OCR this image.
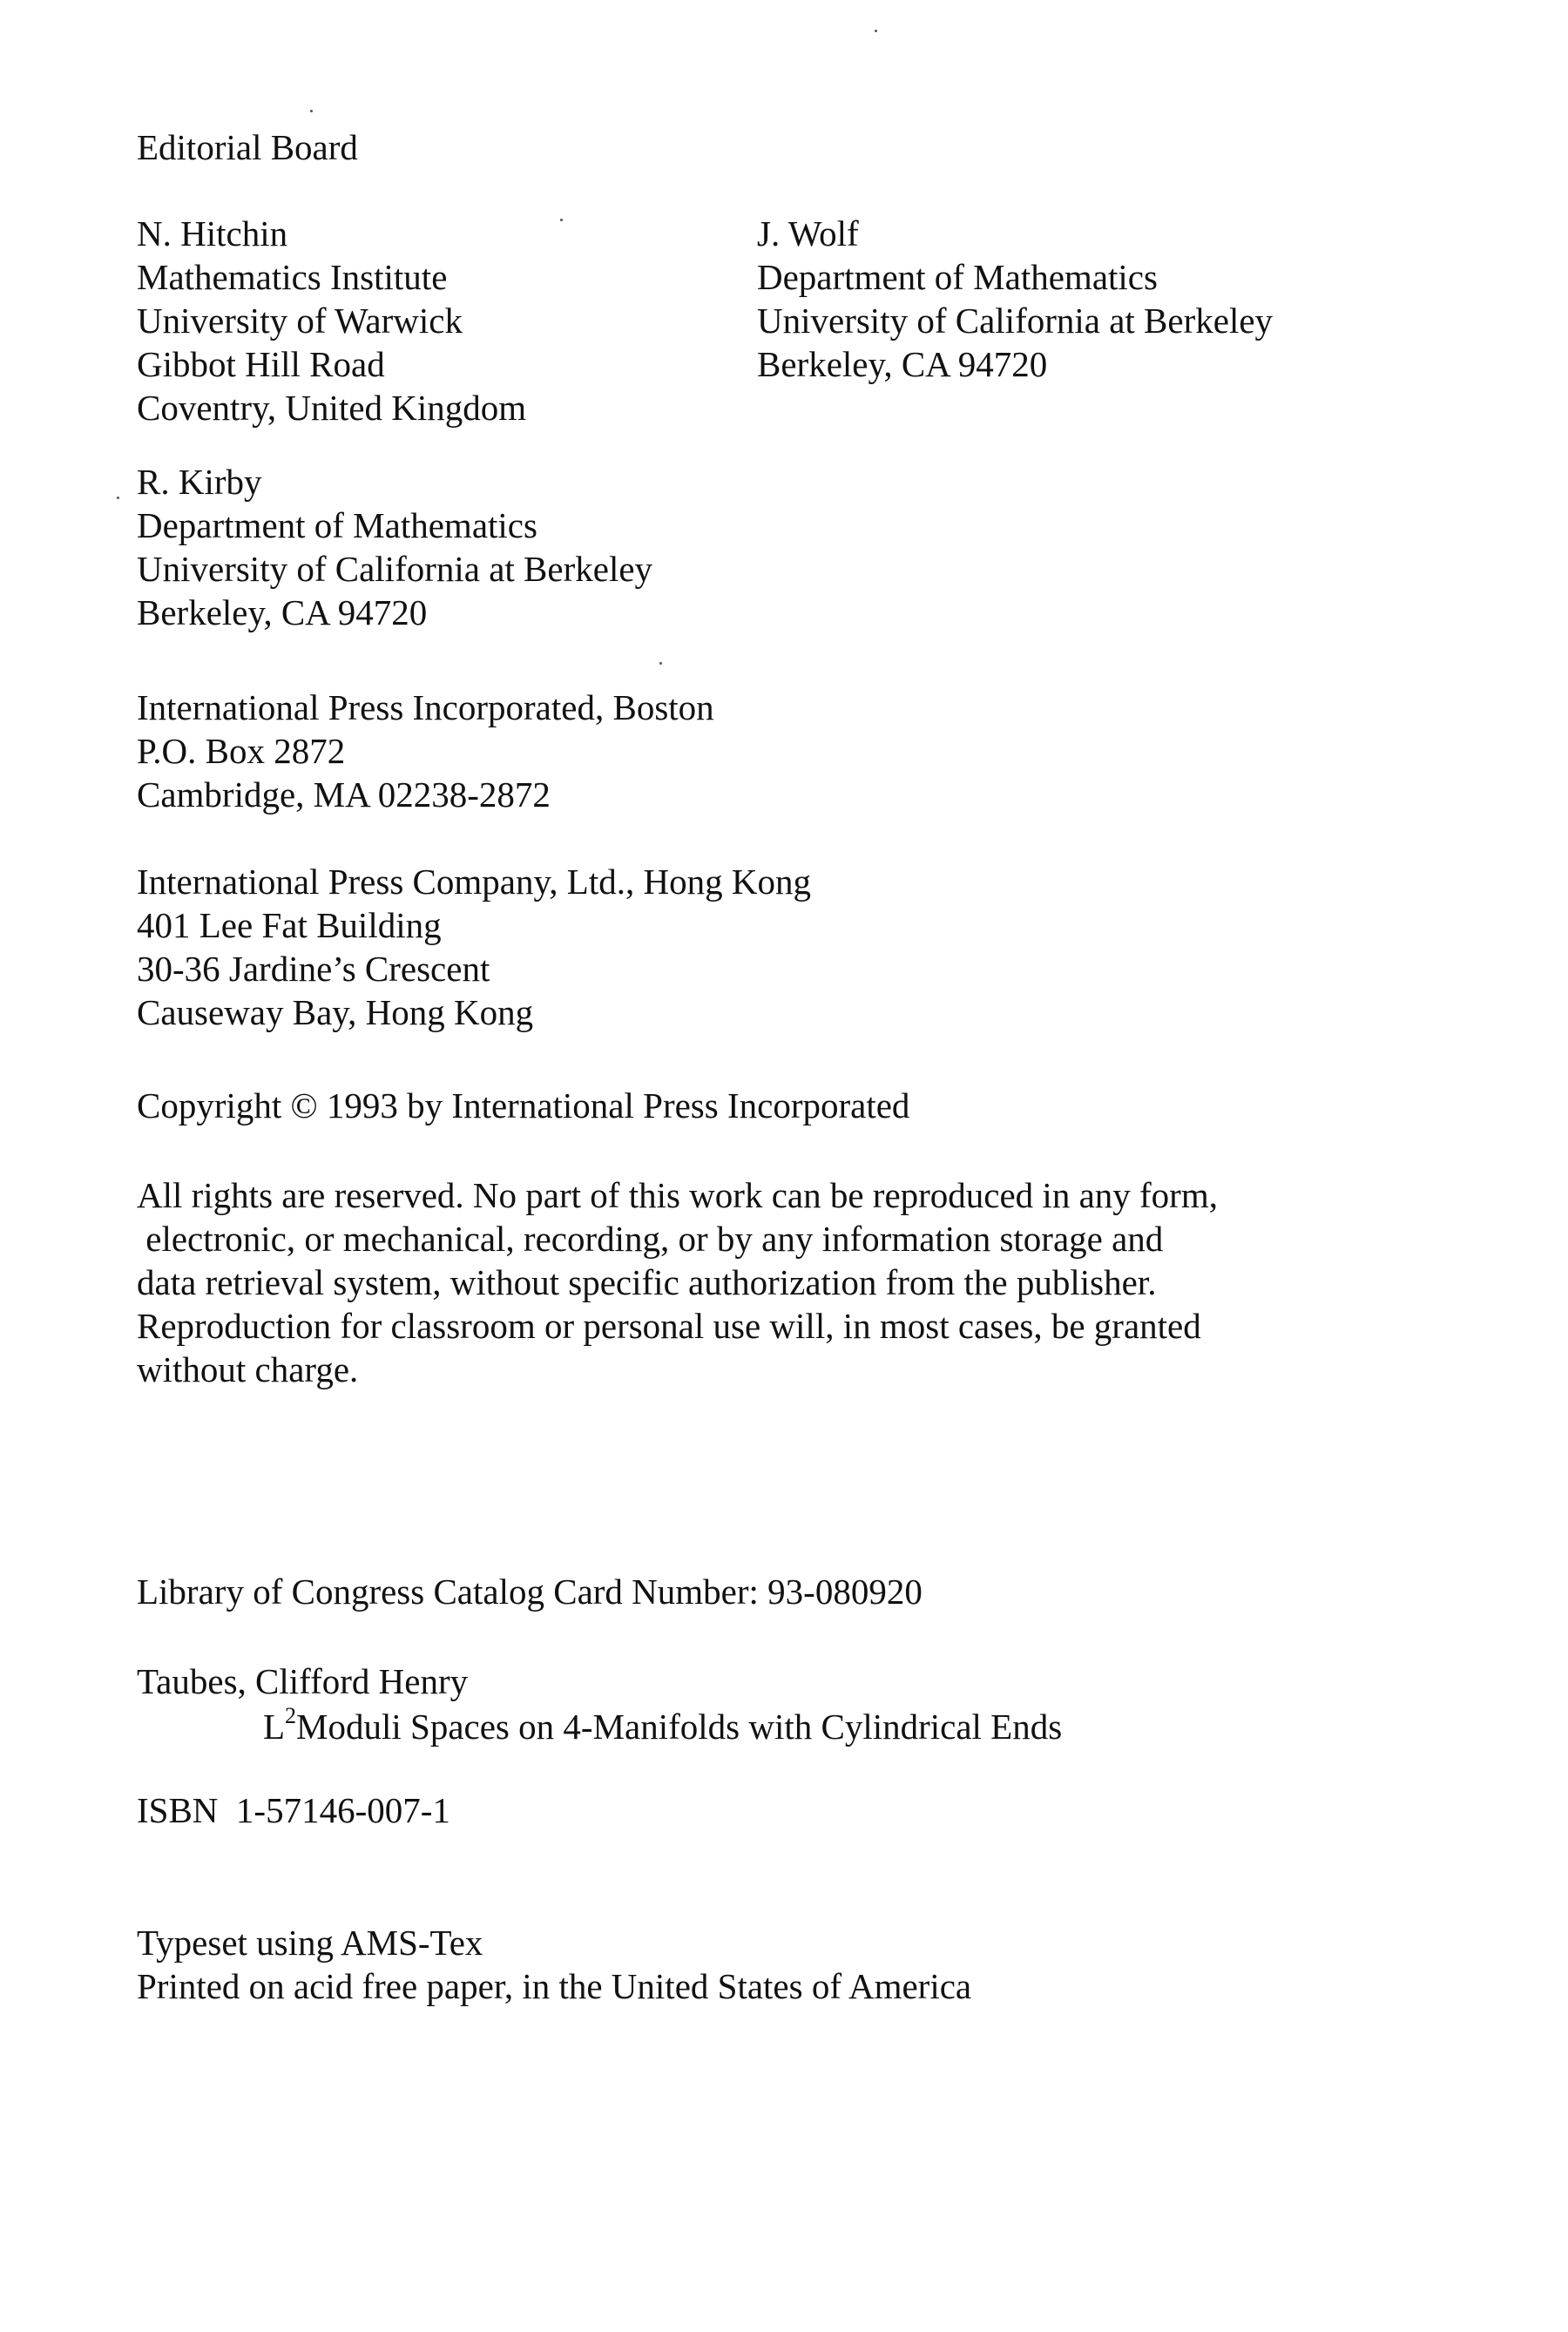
Editorial Board
N. Hitchin
Mathematics Institute
University of Warwick
Gibbot Hill Road
Coventry, United Kingdom
J. Wolf
Department of Mathematics
University of California at Berkeley
Berkeley, CA 94720
R. Kirby
Department of Mathematics
University of California at Berkeley
Berkeley, CA 94720
International Press Incorporated, Boston
P.O. Box 2872
Cambridge, MA 02238-2872
International Press Company, Ltd., Hong Kong
401 Lee Fat Building
30-36 Jardine’s Crescent
Causeway Bay, Hong Kong
Copyright © 1993 by International Press Incorporated
All rights are reserved. No part of this work can be reproduced in any form,
electronic, or mechanical, recording, or by any information storage and
data retrieval system, without specific authorization from the publisher.
Reproduction for classroom or personal use will, in most cases, be granted
without charge.
Library of Congress Catalog Card Number: 93-080920
Taubes, Clifford Henry
$L^2Moduli$ Spaces on 4-Manifolds with Cylindrical Ends
ISBN  1-57146-007-1
Typeset using AMS-Tex
Printed on acid free paper, in the United States of America
